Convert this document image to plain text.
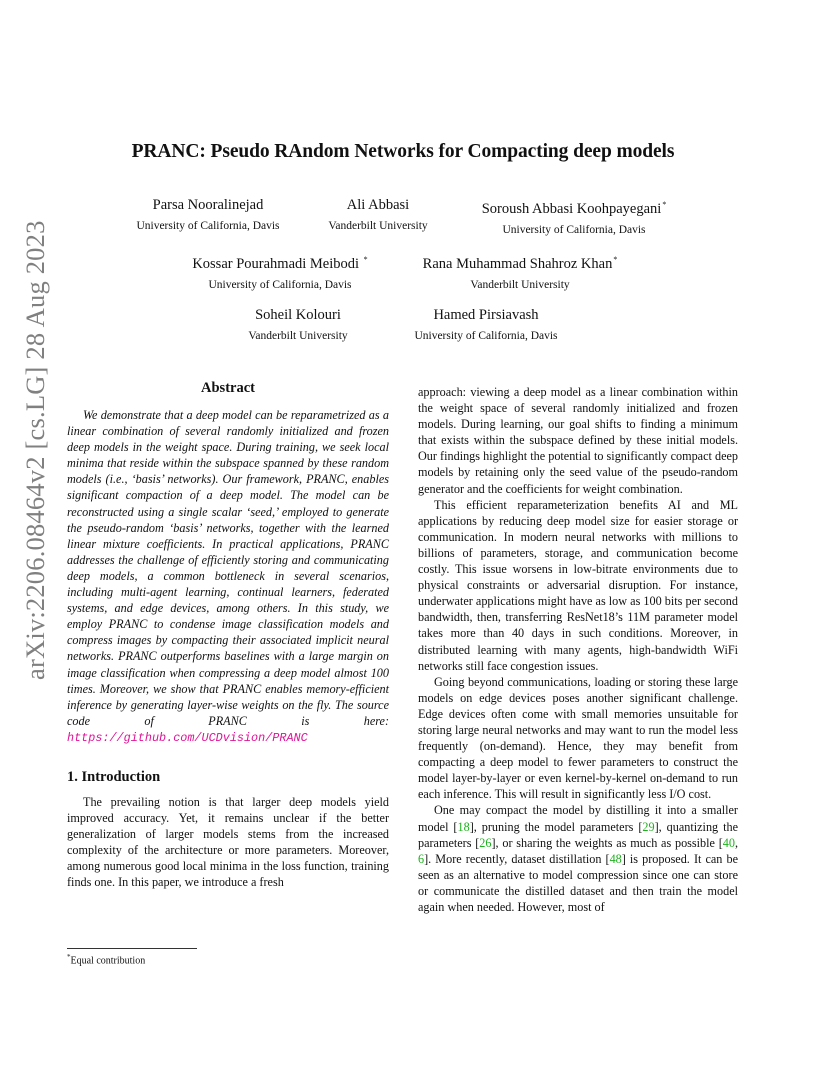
arXiv:2206.08464v2 [cs.LG] 28 Aug 2023
PRANC: Pseudo RAndom Networks for Compacting deep models
Parsa Nooralinejad
University of California, Davis
Ali Abbasi
Vanderbilt University
Soroush Abbasi Koohpayegani*
University of California, Davis
Kossar Pourahmadi Meibodi *
University of California, Davis
Rana Muhammad Shahroz Khan*
Vanderbilt University
Soheil Kolouri
Vanderbilt University
Hamed Pirsiavash
University of California, Davis
Abstract

We demonstrate that a deep model can be reparametrized as a linear combination of several randomly initialized and frozen deep models in the weight space. During training, we seek local minima that reside within the subspace spanned by these random models (i.e., ‘basis’ networks). Our framework, PRANC, enables significant compaction of a deep model. The model can be reconstructed using a single scalar ‘seed,’ employed to generate the pseudo-random ‘basis’ networks, together with the learned linear mixture coefficients. In practical applications, PRANC addresses the challenge of efficiently storing and communicating deep models, a common bottleneck in several scenarios, including multi-agent learning, continual learners, federated systems, and edge devices, among others. In this study, we employ PRANC to condense image classification models and compress images by compacting their associated implicit neural networks. PRANC outperforms baselines with a large margin on image classification when compressing a deep model almost 100 times. Moreover, we show that PRANC enables memory-efficient inference by generating layer-wise weights on the fly. The source code of PRANC is here: https://github.com/UCDvision/PRANC

1. Introduction

The prevailing notion is that larger deep models yield improved accuracy. Yet, it remains unclear if the better generalization of larger models stems from the increased complexity of the architecture or more parameters. Moreover, among numerous good local minima in the loss function, training finds one. In this paper, we introduce a fresh

approach: viewing a deep model as a linear combination within the weight space of several randomly initialized and frozen models. During learning, our goal shifts to finding a minimum that exists within the subspace defined by these initial models. Our findings highlight the potential to significantly compact deep models by retaining only the seed value of the pseudo-random generator and the coefficients for weight combination.

This efficient reparameterization benefits AI and ML applications by reducing deep model size for easier storage or communication. In modern neural networks with millions to billions of parameters, storage, and communication become costly. This issue worsens in low-bitrate environments due to physical constraints or adversarial disruption. For instance, underwater applications might have as low as 100 bits per second bandwidth, then, transferring ResNet18’s 11M parameter model takes more than 40 days in such conditions. Moreover, in distributed learning with many agents, high-bandwidth WiFi networks still face congestion issues.

Going beyond communications, loading or storing these large models on edge devices poses another significant challenge. Edge devices often come with small memories unsuitable for storing large neural networks and may want to run the model less frequently (on-demand). Hence, they may benefit from compacting a deep model to fewer parameters to construct the model layer-by-layer or even kernel-by-kernel on-demand to run each inference. This will result in significantly less I/O cost.

One may compact the model by distilling it into a smaller model [18], pruning the model parameters [29], quantizing the parameters [26], or sharing the weights as much as possible [40, 6]. More recently, dataset distillation [48] is proposed. It can be seen as an alternative to model compression since one can store or communicate the distilled dataset and then train the model again when needed. However, most of

*Equal contribution
